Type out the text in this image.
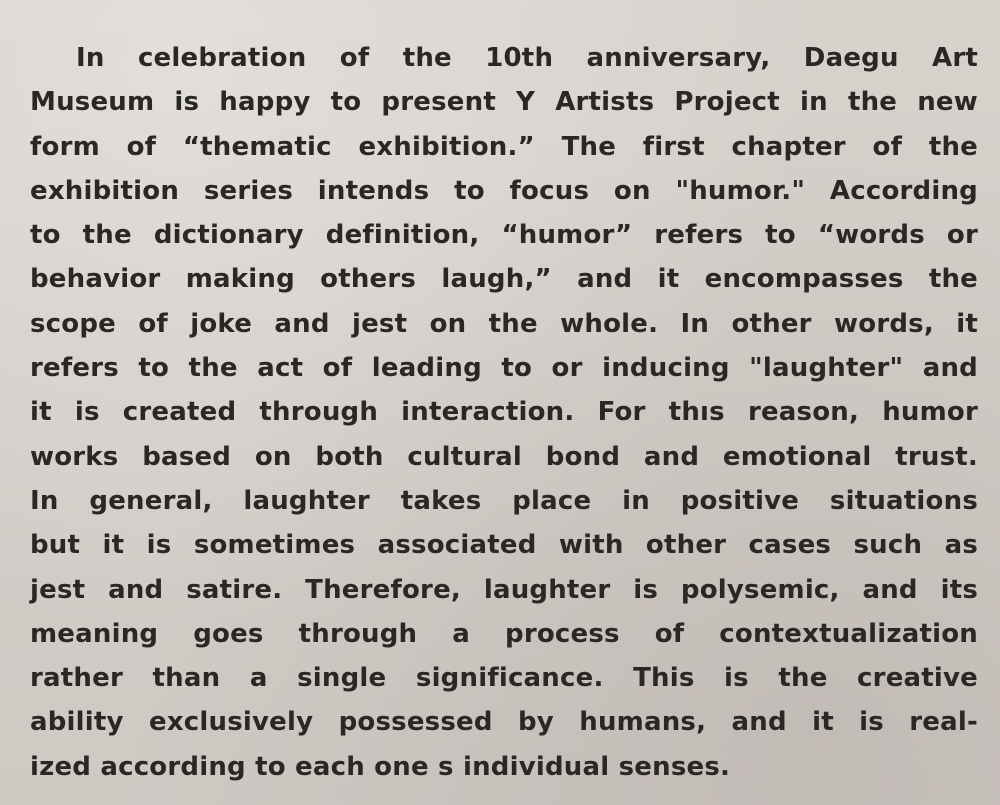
In celebration of the 10th anniversary, Daegu Art
Museum is happy to present Y Artists Project in the new
form of “thematic exhibition.” The first chapter of the
exhibition series intends to focus on "humor." According
to the dictionary definition, “humor” refers to “words or
behavior making others laugh,” and it encompasses the
scope of joke and jest on the whole. In other words, it
refers to the act of leading to or inducing "laughter" and
it is created through interaction. For thıs reason, humor
works based on both cultural bond and emotional trust.
In general, laughter takes place in positive situations
but it is sometimes associated with other cases such as
jest and satire. Therefore, laughter is polysemic, and its
meaning goes through a process of contextualization
rather than a single significance. This is the creative
ability exclusively possessed by humans, and it is real-
ized according to each one s individual senses.
